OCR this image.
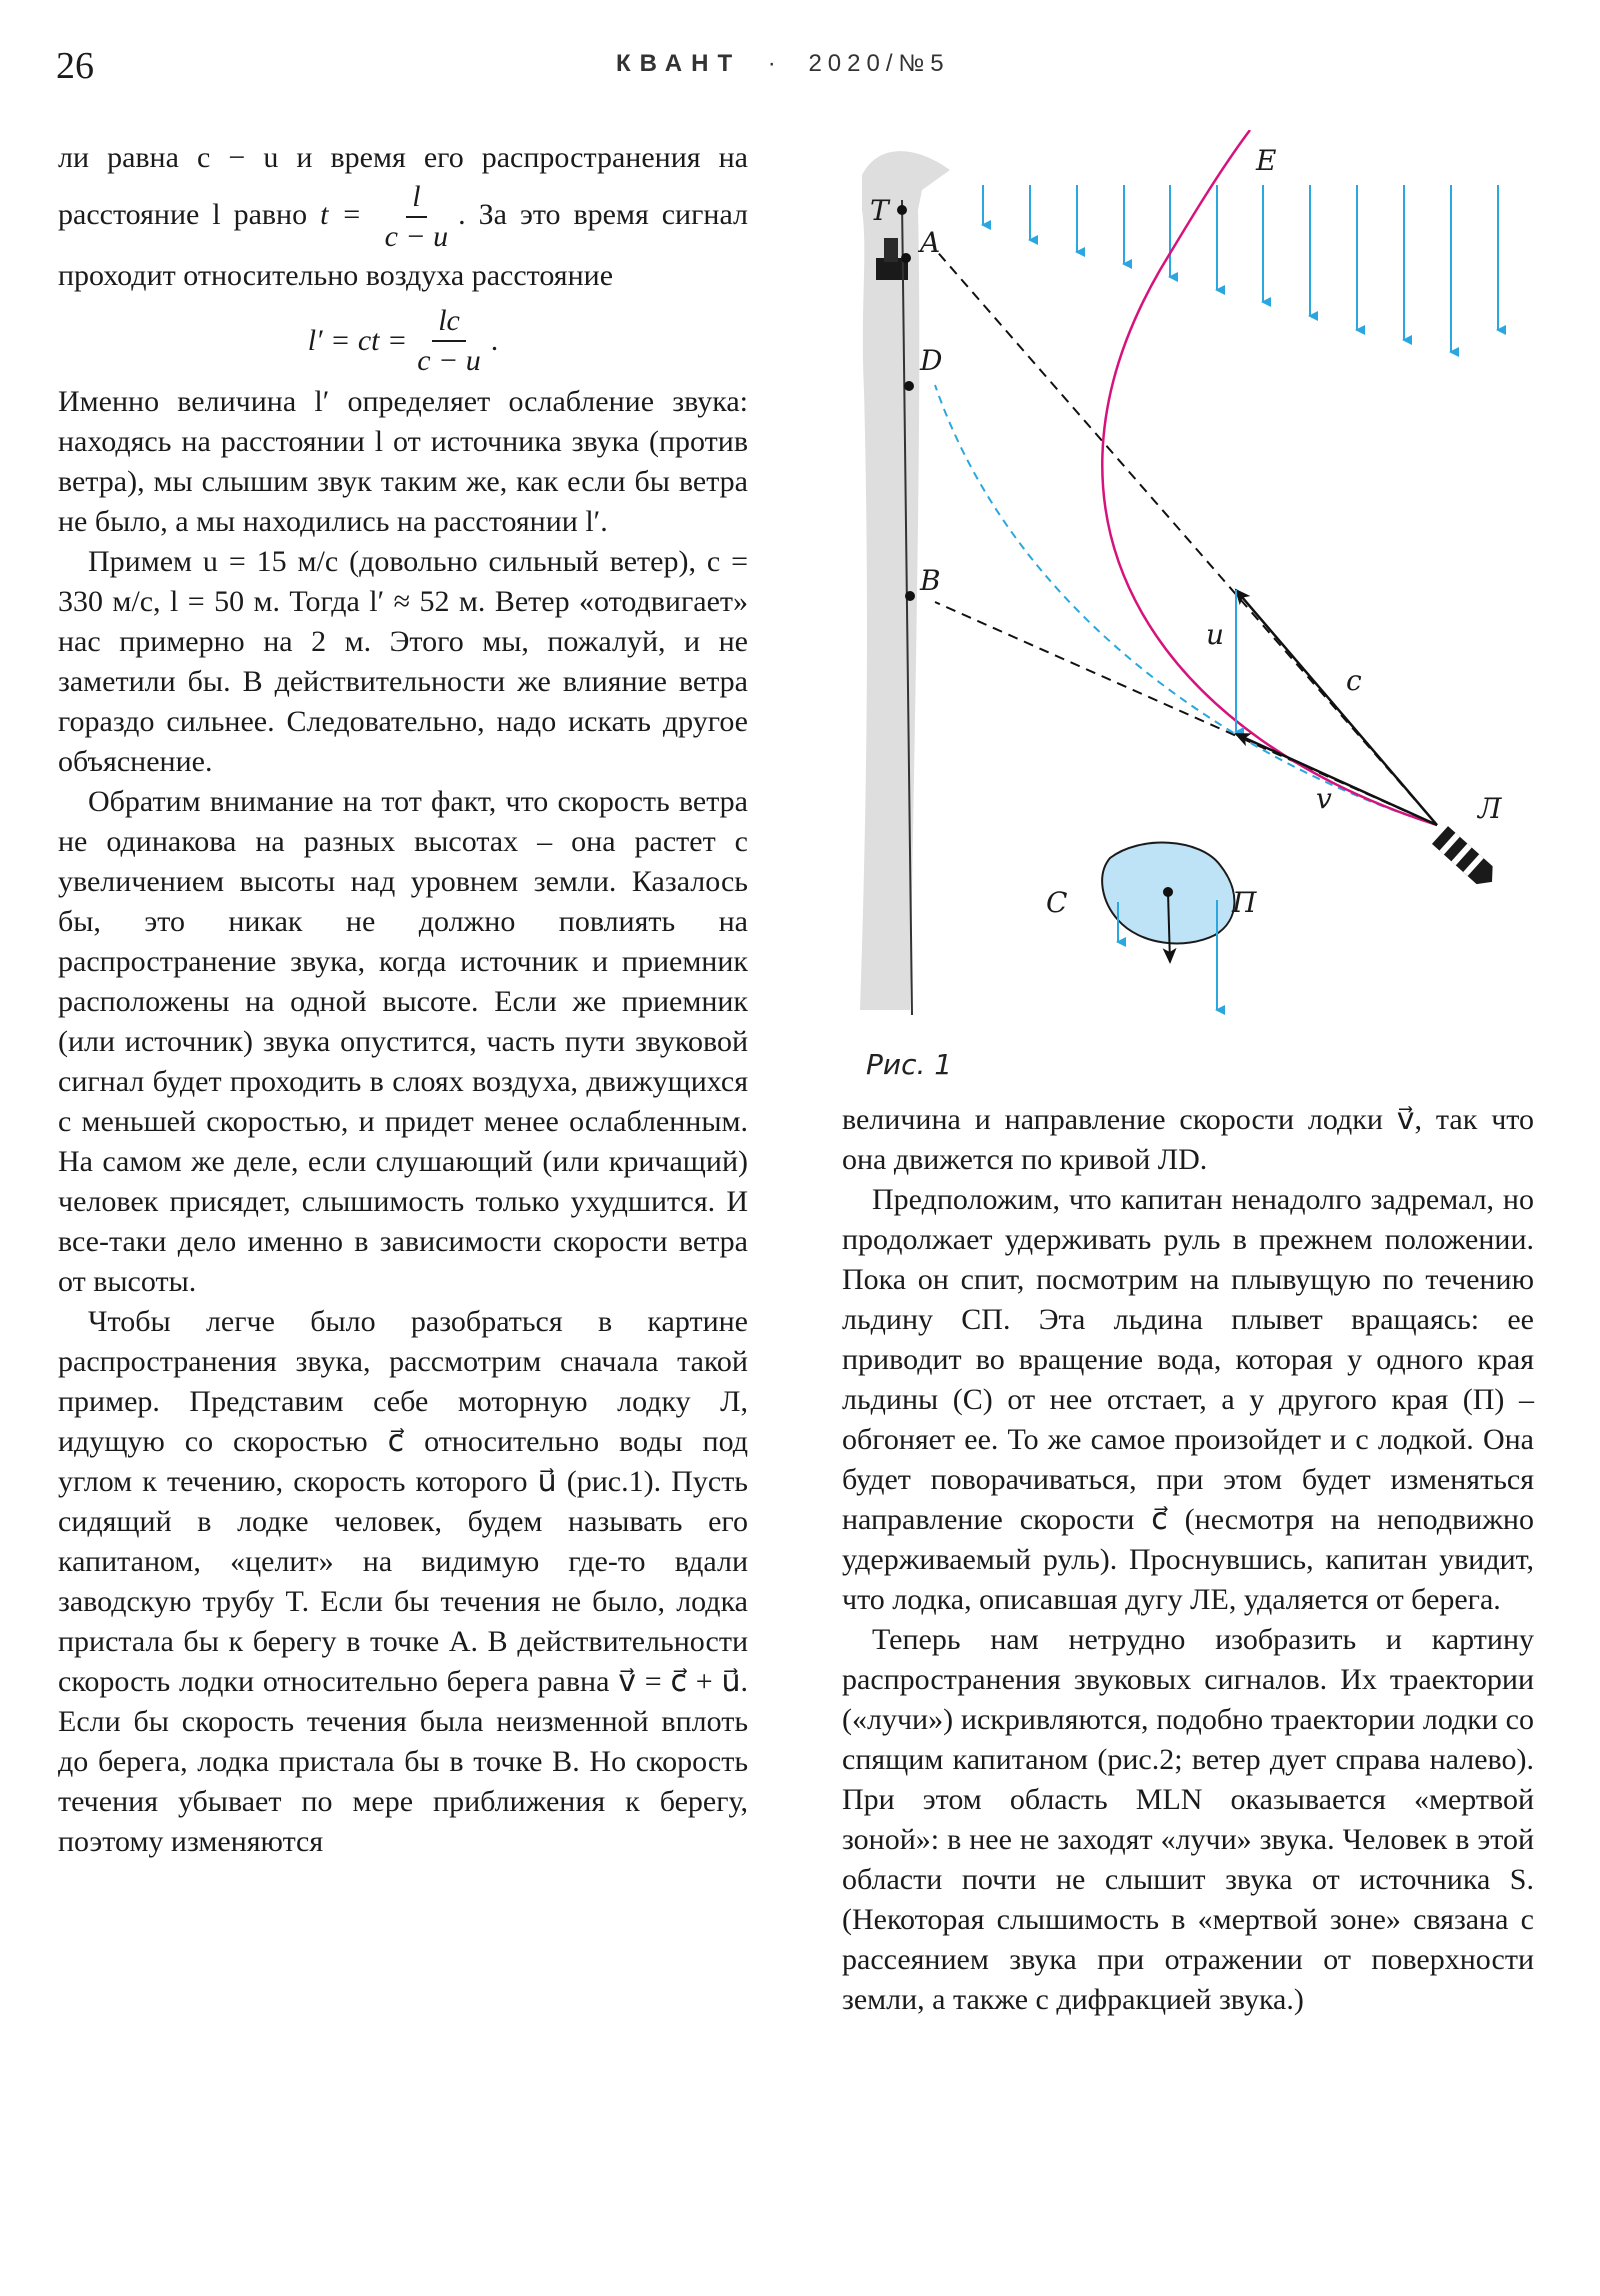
26	КВАНТ · 2020/№5

ли равна c − u и время его распространения на расстояние l равно $t = \frac{l}{c - u}$ . За это время сигнал проходит относительно воздуха расстояние

l′ = ct = $\frac{lc}{c - u}$ .

Именно величина l′ определяет ослабление звука: находясь на расстоянии l от источника звука (против ветра), мы слышим звук таким же, как если бы ветра не было, а мы находились на расстоянии l′.

Примем u = 15 м/с (довольно сильный ветер), c = 330 м/с, l = 50 м. Тогда l′ ≈ 52 м. Ветер «отодвигает» нас примерно на 2 м. Этого мы, пожалуй, и не заметили бы. В действительности же влияние ветра гораздо сильнее. Следовательно, надо искать другое объяснение.

Обратим внимание на тот факт, что скорость ветра не одинакова на разных высотах – она растет с увеличением высоты над уровнем земли. Казалось бы, это никак не должно повлиять на распространение звука, когда источник и приемник расположены на одной высоте. Если же приемник (или источник) звука опустится, часть пути звуковой сигнал будет проходить в слоях воздуха, движущихся с меньшей скоростью, и придет менее ослабленным. На самом же деле, если слушающий (или кричащий) человек присядет, слышимость только ухудшится. И все-таки дело именно в зависимости скорости ветра от высоты.

Чтобы легче было разобраться в картине распространения звука, рассмотрим сначала такой пример. Представим себе моторную лодку Л, идущую со скоростью c⃗ относительно воды под углом к течению, скорость которого u⃗ (рис.1). Пусть сидящий в лодке человек, будем называть его капитаном, «целит» на видимую где-то вдали заводскую трубу T. Если бы течения не было, лодка пристала бы к берегу в точке A. В действительности скорость лодки относительно берега равна v⃗ = c⃗ + u⃗. Если бы скорость течения была неизменной вплоть до берега, лодка пристала бы в точке B. Но скорость течения убывает по мере приближения к берегу, поэтому изменяются

T
A
D
B
E
u
c
v	Л
С	П
Рис. 1

величина и направление скорости лодки v⃗, так что она движется по кривой ЛD.

Предположим, что капитан ненадолго задремал, но продолжает удерживать руль в прежнем положении. Пока он спит, посмотрим на плывущую по течению льдину СП. Эта льдина плывет вращаясь: ее приводит во вращение вода, которая у одного края льдины (С) от нее отстает, а у другого края (П) – обгоняет ее. То же самое произойдет и с лодкой. Она будет поворачиваться, при этом будет изменяться направление скорости c⃗ (несмотря на неподвижно удерживаемый руль). Проснувшись, капитан увидит, что лодка, описавшая дугу ЛЕ, удаляется от берега.

Теперь нам нетрудно изобразить и картину распространения звуковых сигналов. Их траектории («лучи») искривляются, подобно траектории лодки со спящим капитаном (рис.2; ветер дует справа налево). При этом область MLN оказывается «мертвой зоной»: в нее не заходят «лучи» звука. Человек в этой области почти не слышит звука от источника S. (Некоторая слышимость в «мертвой зоне» связана с рассеянием звука при отражении от поверхности земли, а также с дифракцией звука.)
